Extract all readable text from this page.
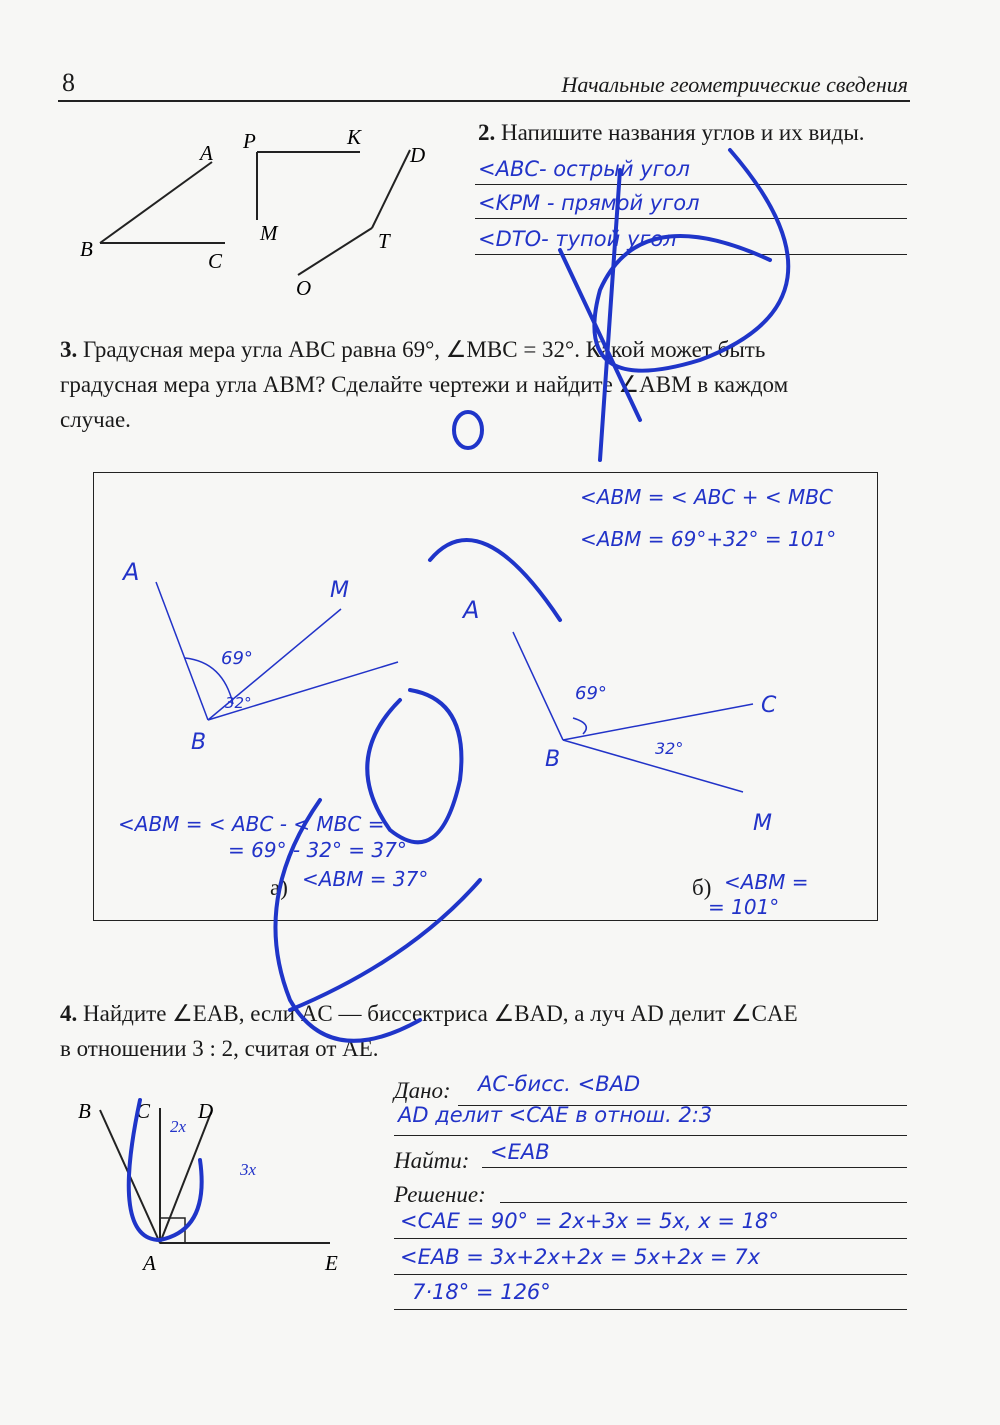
8	Начальные геометрические сведения
A
B	C
P	K
M
D
T
O
2. Напишите названия углов и их виды.
<ABC- острый угол
<KPM - прямой угол
<DTO- тупой угол
3. Градусная мера угла ABC равна 69°, ∠MBC = 32°. Какой может быть
градусная мера угла ABM? Сделайте чертежи и найдите ∠ABM в каждом
случае.
A
M
B
69°
32°
A
C
B
M
69°
32°
<ABM = < ABC + < MBC
<ABM = 69°+32° = 101°
<ABM = < ABC - < MBC =
= 69° - 32° = 37°
а) <ABM = 37°	б) <ABM =
= 101°
4. Найдите ∠EAB, если AC — биссектриса ∠BAD, а луч AD делит ∠CAE
в отношении 3 : 2, считая от AE.
B C D
A	E
2x
3x
Дано: AC-бисс. <BAD
AD делит <CAE в отнош. 2:3
Найти: <EAB
Решение:
<CAE = 90° = 2x+3x = 5x, x = 18°
<EAB = 3x+2x+2x = 5x+2x = 7x
7·18° = 126°
